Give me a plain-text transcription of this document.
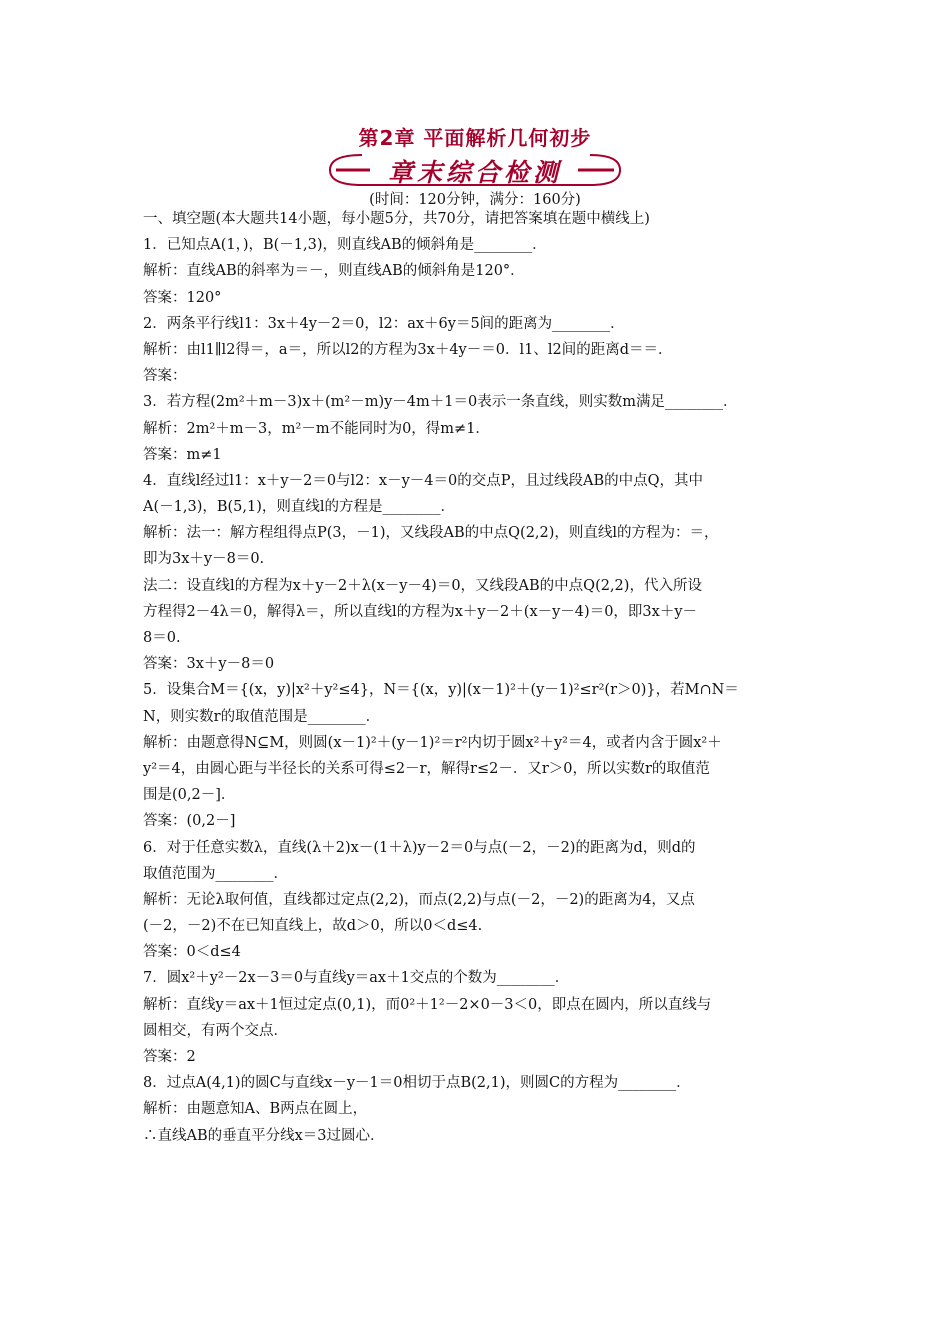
第2章 平面解析几何初步
章末综合检测
(时间：120分钟，满分：160分)
一、填空题(本大题共14小题，每小题5分，共70分，请把答案填在题中横线上)
1．已知点A(1，)，B(－1,3)，则直线AB的倾斜角是________．
解析：直线AB的斜率为＝－，则直线AB的倾斜角是120°．
答案：120°
2．两条平行线l1：3x＋4y－2＝0，l2：ax＋6y＝5间的距离为________．
解析：由l1∥l2得＝，a＝，所以l2的方程为3x＋4y－＝0．l1、l2间的距离d＝＝．
答案：
3．若方程(2m²＋m－3)x＋(m²－m)y－4m＋1＝0表示一条直线，则实数m满足________．
解析：2m²＋m－3，m²－m不能同时为0，得m≠1．
答案：m≠1
4．直线l经过l1：x＋y－2＝0与l2：x－y－4＝0的交点P，且过线段AB的中点Q，其中
A(－1,3)，B(5,1)，则直线l的方程是________．
解析：法一：解方程组得点P(3，－1)，又线段AB的中点Q(2,2)，则直线l的方程为：＝，
即为3x＋y－8＝0.
法二：设直线l的方程为x＋y－2＋λ(x－y－4)＝0，又线段AB的中点Q(2,2)，代入所设
方程得2－4λ＝0，解得λ＝，所以直线l的方程为x＋y－2＋(x－y－4)＝0，即3x＋y－
8＝0.
答案：3x＋y－8＝0
5．设集合M＝{(x，y)|x²＋y²≤4}，N＝{(x，y)|(x－1)²＋(y－1)²≤r²(r＞0)}，若M∩N＝
N，则实数r的取值范围是________．
解析：由题意得N⊆M，则圆(x－1)²＋(y－1)²＝r²内切于圆x²＋y²＝4，或者内含于圆x²＋
y²＝4，由圆心距与半径长的关系可得≤2－r，解得r≤2－．又r＞0，所以实数r的取值范
围是(0,2－]．
答案：(0,2－]
6．对于任意实数λ，直线(λ＋2)x－(1＋λ)y－2＝0与点(－2，－2)的距离为d，则d的
取值范围为________．
解析：无论λ取何值，直线都过定点(2,2)，而点(2,2)与点(－2，－2)的距离为4，又点
(－2，－2)不在已知直线上，故d＞0，所以0＜d≤4.
答案：0＜d≤4
7．圆x²＋y²－2x－3＝0与直线y＝ax＋1交点的个数为________．
解析：直线y＝ax＋1恒过定点(0,1)，而0²＋1²－2×0－3＜0，即点在圆内，所以直线与
圆相交，有两个交点．
答案：2
8．过点A(4,1)的圆C与直线x－y－1＝0相切于点B(2,1)，则圆C的方程为________．
解析：由题意知A、B两点在圆上，
∴直线AB的垂直平分线x＝3过圆心．
